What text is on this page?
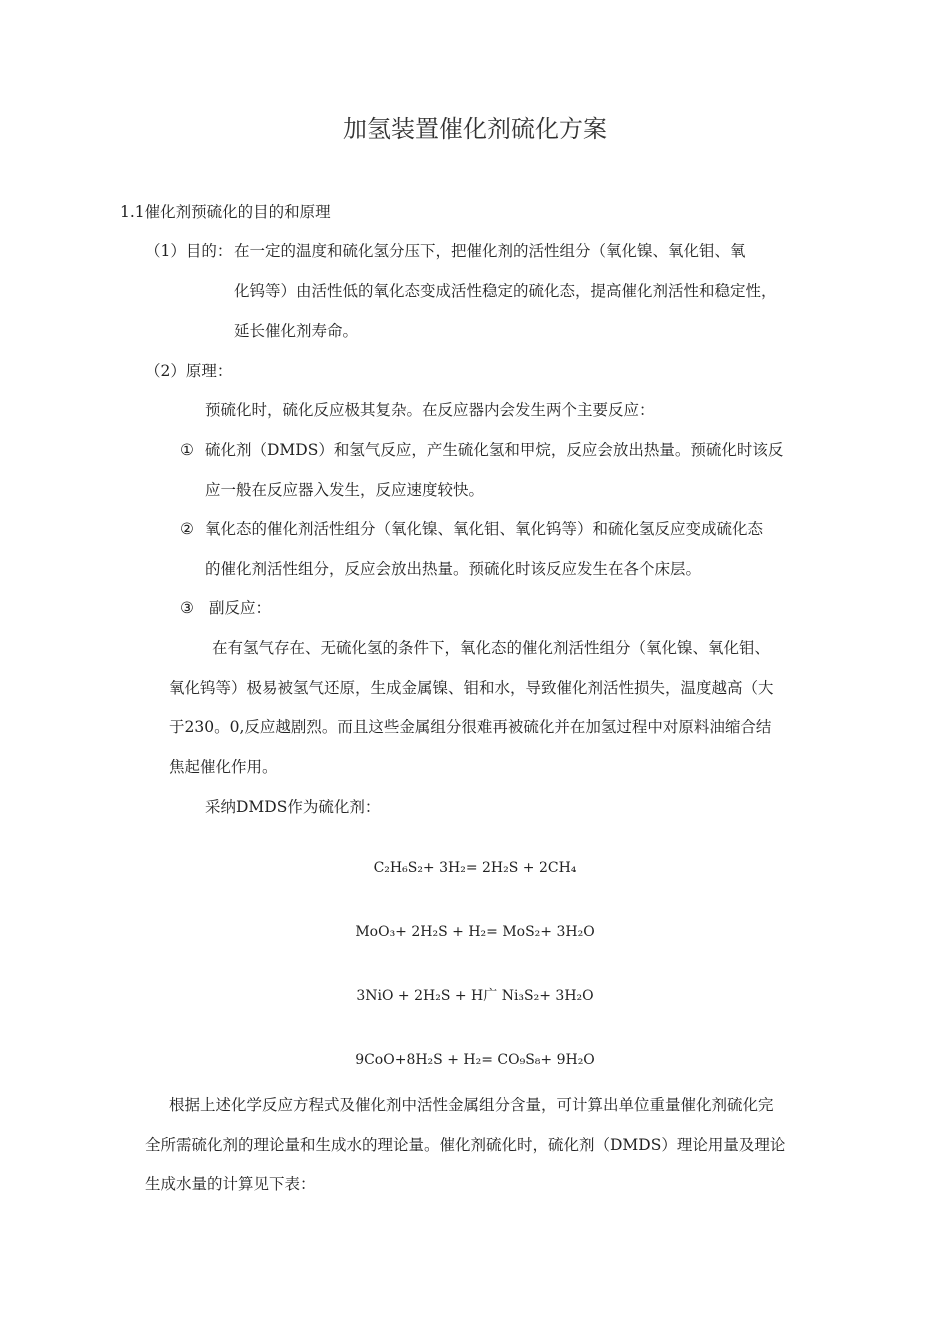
加氢装置催化剂硫化方案
1.1催化剂预硫化的目的和原理
（1）目的： 在一定的温度和硫化氢分压下，把催化剂的活性组分（氧化镍、氧化钼、氧
化钨等）由活性低的氧化态变成活性稳定的硫化态，提高催化剂活性和稳定性，
延长催化剂寿命。
（2）原理：
预硫化时，硫化反应极其复杂。在反应器内会发生两个主要反应：
① 硫化剂（DMDS）和氢气反应，产生硫化氢和甲烷，反应会放出热量。预硫化时该反
应一般在反应器入发生，反应速度较快。
② 氧化态的催化剂活性组分（氧化镍、氧化钼、氧化钨等）和硫化氢反应变成硫化态
的催化剂活性组分，反应会放出热量。预硫化时该反应发生在各个床层。
③ 副反应：
在有氢气存在、无硫化氢的条件下，氧化态的催化剂活性组分（氧化镍、氧化钼、
氧化钨等）极易被氢气还原，生成金属镍、钼和水，导致催化剂活性损失，温度越高（大
于230。0,反应越剧烈。而且这些金属组分很难再被硫化并在加氢过程中对原料油缩合结
焦起催化作用。
采纳DMDS作为硫化剂：
C₂H₆S₂+ 3H₂= 2H₂S + 2CH₄
MoO₃+ 2H₂S + H₂= MoS₂+ 3H₂O
3NiO + 2H₂S + H广 Ni₃S₂+ 3H₂O
9CoO+8H₂S + H₂= CO₉S₈+ 9H₂O
根据上述化学反应方程式及催化剂中活性金属组分含量，可计算出单位重量催化剂硫化完
全所需硫化剂的理论量和生成水的理论量。催化剂硫化时，硫化剂（DMDS）理论用量及理论
生成水量的计算见下表：
